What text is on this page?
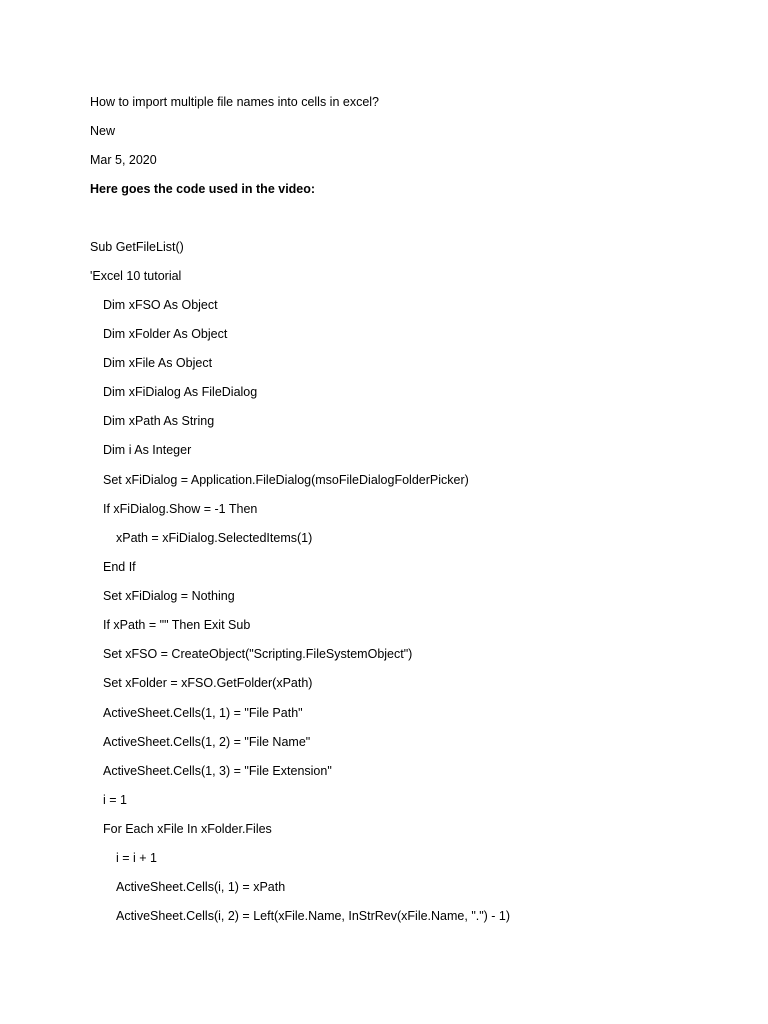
How to import multiple file names into cells in excel?
New
Mar 5, 2020
Here goes the code used in the video:
Sub GetFileList()
'Excel 10 tutorial
Dim xFSO As Object
Dim xFolder As Object
Dim xFile As Object
Dim xFiDialog As FileDialog
Dim xPath As String
Dim i As Integer
Set xFiDialog = Application.FileDialog(msoFileDialogFolderPicker)
If xFiDialog.Show = -1 Then
xPath = xFiDialog.SelectedItems(1)
End If
Set xFiDialog = Nothing
If xPath = "" Then Exit Sub
Set xFSO = CreateObject("Scripting.FileSystemObject")
Set xFolder = xFSO.GetFolder(xPath)
ActiveSheet.Cells(1, 1) = "File Path"
ActiveSheet.Cells(1, 2) = "File Name"
ActiveSheet.Cells(1, 3) = "File Extension"
i = 1
For Each xFile In xFolder.Files
i = i + 1
ActiveSheet.Cells(i, 1) = xPath
ActiveSheet.Cells(i, 2) = Left(xFile.Name, InStrRev(xFile.Name, ".") - 1)
